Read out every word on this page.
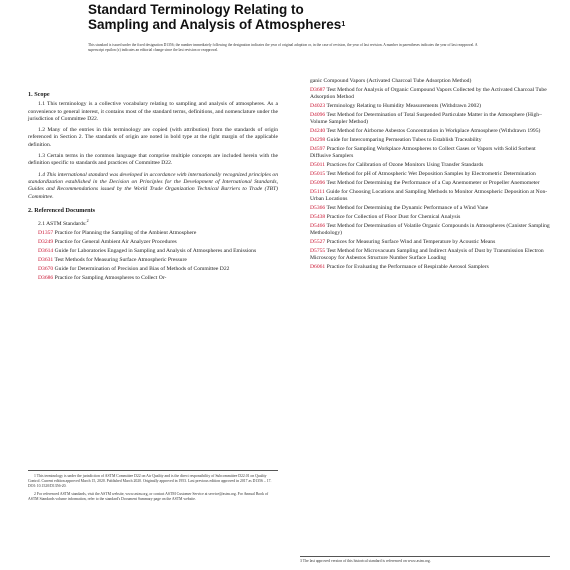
Standard Terminology Relating to
Sampling and Analysis of Atmospheres$^1$
This standard is issued under the fixed designation D1356; the number immediately following the designation indicates the year of original adoption or, in the case of revision, the year of last revision. A number in parentheses indicates the year of last reapproval. A superscript epsilon (ε) indicates an editorial change since the last revision or reapproval.
1. Scope

1.1 This terminology is a collective vocabulary relating to sampling and analysis of atmospheres. As a convenience to general interest, it contains most of the standard terms, definitions, and nomenclature under the jurisdiction of Committee D22.

1.2 Many of the entries in this terminology are copied (with attribution) from the standards of origin referenced in Section 2. The standards of origin are noted in bold type at the right margin of the applicable definition.

1.3 Certain terms in the common language that comprise multiple concepts are included herein with the definition specific to standards and practices of Committee D22.

1.4 This international standard was developed in accordance with internationally recognized principles on standardization established in the Decision on Principles for the Development of International Standards, Guides and Recommendations issued by the World Trade Organization Technical Barriers to Trade (TBT) Committee.

2. Referenced Documents
2.1 ASTM Standards:$^2$
D1357 Practice for Planning the Sampling of the Ambient Atmosphere
D3249 Practice for General Ambient Air Analyzer Procedures
D3614 Guide for Laboratories Engaged in Sampling and Analysis of Atmospheres and Emissions
D3631 Test Methods for Measuring Surface Atmospheric Pressure
D3670 Guide for Determination of Precision and Bias of Methods of Committee D22
D3686 Practice for Sampling Atmospheres to Collect Or-
ganic Compound Vapors (Activated Charcoal Tube Adsorption Method)
D3687 Test Method for Analysis of Organic Compound Vapors Collected by the Activated Charcoal Tube Adsorption Method
D4023 Terminology Relating to Humidity Measurements (Withdrawn 2002)
D4096 Test Method for Determination of Total Suspended Particulate Matter in the Atmosphere (High–Volume Sampler Method)
D4240 Test Method for Airborne Asbestos Concentration in Workplace Atmosphere (Withdrawn 1995)
D4298 Guide for Intercomparing Permeation Tubes to Establish Traceability
D4597 Practice for Sampling Workplace Atmospheres to Collect Gases or Vapors with Solid Sorbent Diffusive Samplers
D5011 Practices for Calibration of Ozone Monitors Using Transfer Standards
D5015 Test Method for pH of Atmospheric Wet Deposition Samples by Electrometric Determination
D5096 Test Method for Determining the Performance of a Cup Anemometer or Propeller Anemometer
D5111 Guide for Choosing Locations and Sampling Methods to Monitor Atmospheric Deposition at Non-Urban Locations
D5366 Test Method for Determining the Dynamic Performance of a Wind Vane
D5438 Practice for Collection of Floor Dust for Chemical Analysis
D5466 Test Method for Determination of Volatile Organic Compounds in Atmospheres (Canister Sampling Methodology)
D5527 Practices for Measuring Surface Wind and Temperature by Acoustic Means
D5755 Test Method for Microvacuum Sampling and Indirect Analysis of Dust by Transmission Electron Microscopy for Asbestos Structure Number Surface Loading
D6061 Practice for Evaluating the Performance of Respirable Aerosol Samplers
1 This terminology is under the jurisdiction of ASTM Committee D22 on Air Quality and is the direct responsibility of Subcommittee D22.01 on Quality Control. Current edition approved March 15, 2020. Published March 2020. Originally approved in 1953. Last previous edition approved in 2017 as D1356 – 17. DOI: 10.1520/D1356-20.
2 For referenced ASTM standards, visit the ASTM website, www.astm.org, or contact ASTM Customer Service at service@astm.org. For Annual Book of ASTM Standards volume information, refer to the standard's Document Summary page on the ASTM website.
3 The last approved version of this historical standard is referenced on www.astm.org.
